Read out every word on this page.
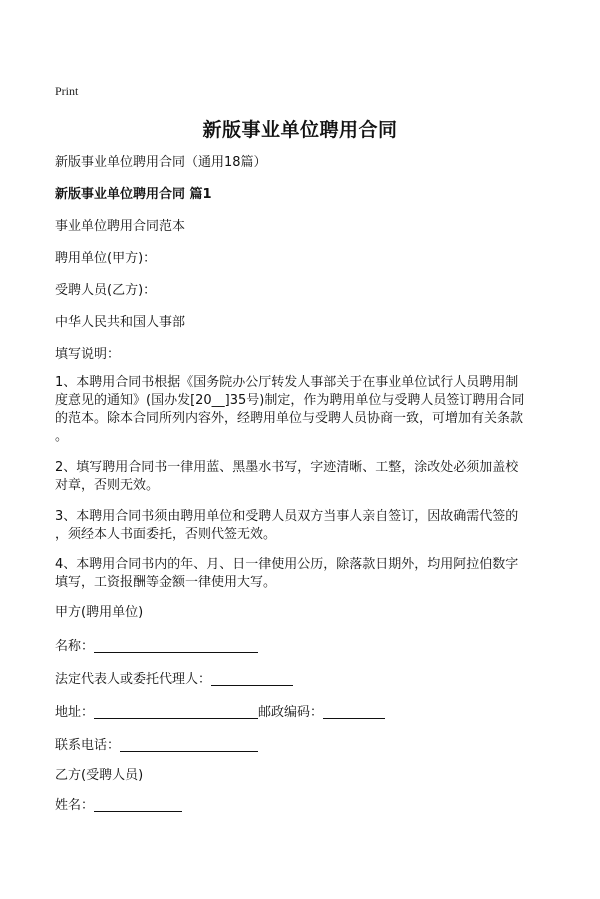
Print
新版事业单位聘用合同
新版事业单位聘用合同（通用18篇）
新版事业单位聘用合同 篇1
事业单位聘用合同范本
聘用单位(甲方)：
受聘人员(乙方)：
中华人民共和国人事部
填写说明：
1、本聘用合同书根据《国务院办公厅转发人事部关于在事业单位试行人员聘用制
度意见的通知》(国办发[20__]35号)制定，作为聘用单位与受聘人员签订聘用合同
的范本。除本合同所列内容外，经聘用单位与受聘人员协商一致，可增加有关条款
。
2、填写聘用合同书一律用蓝、黑墨水书写，字迹清晰、工整，涂改处必须加盖校
对章，否则无效。
3、本聘用合同书须由聘用单位和受聘人员双方当事人亲自签订，因故确需代签的
，须经本人书面委托，否则代签无效。
4、本聘用合同书内的年、月、日一律使用公历，除落款日期外，均用阿拉伯数字
填写，工资报酬等金额一律使用大写。
甲方(聘用单位)
名称：
法定代表人或委托代理人：
地址：	邮政编码：
联系电话：
乙方(受聘人员)
姓名：
